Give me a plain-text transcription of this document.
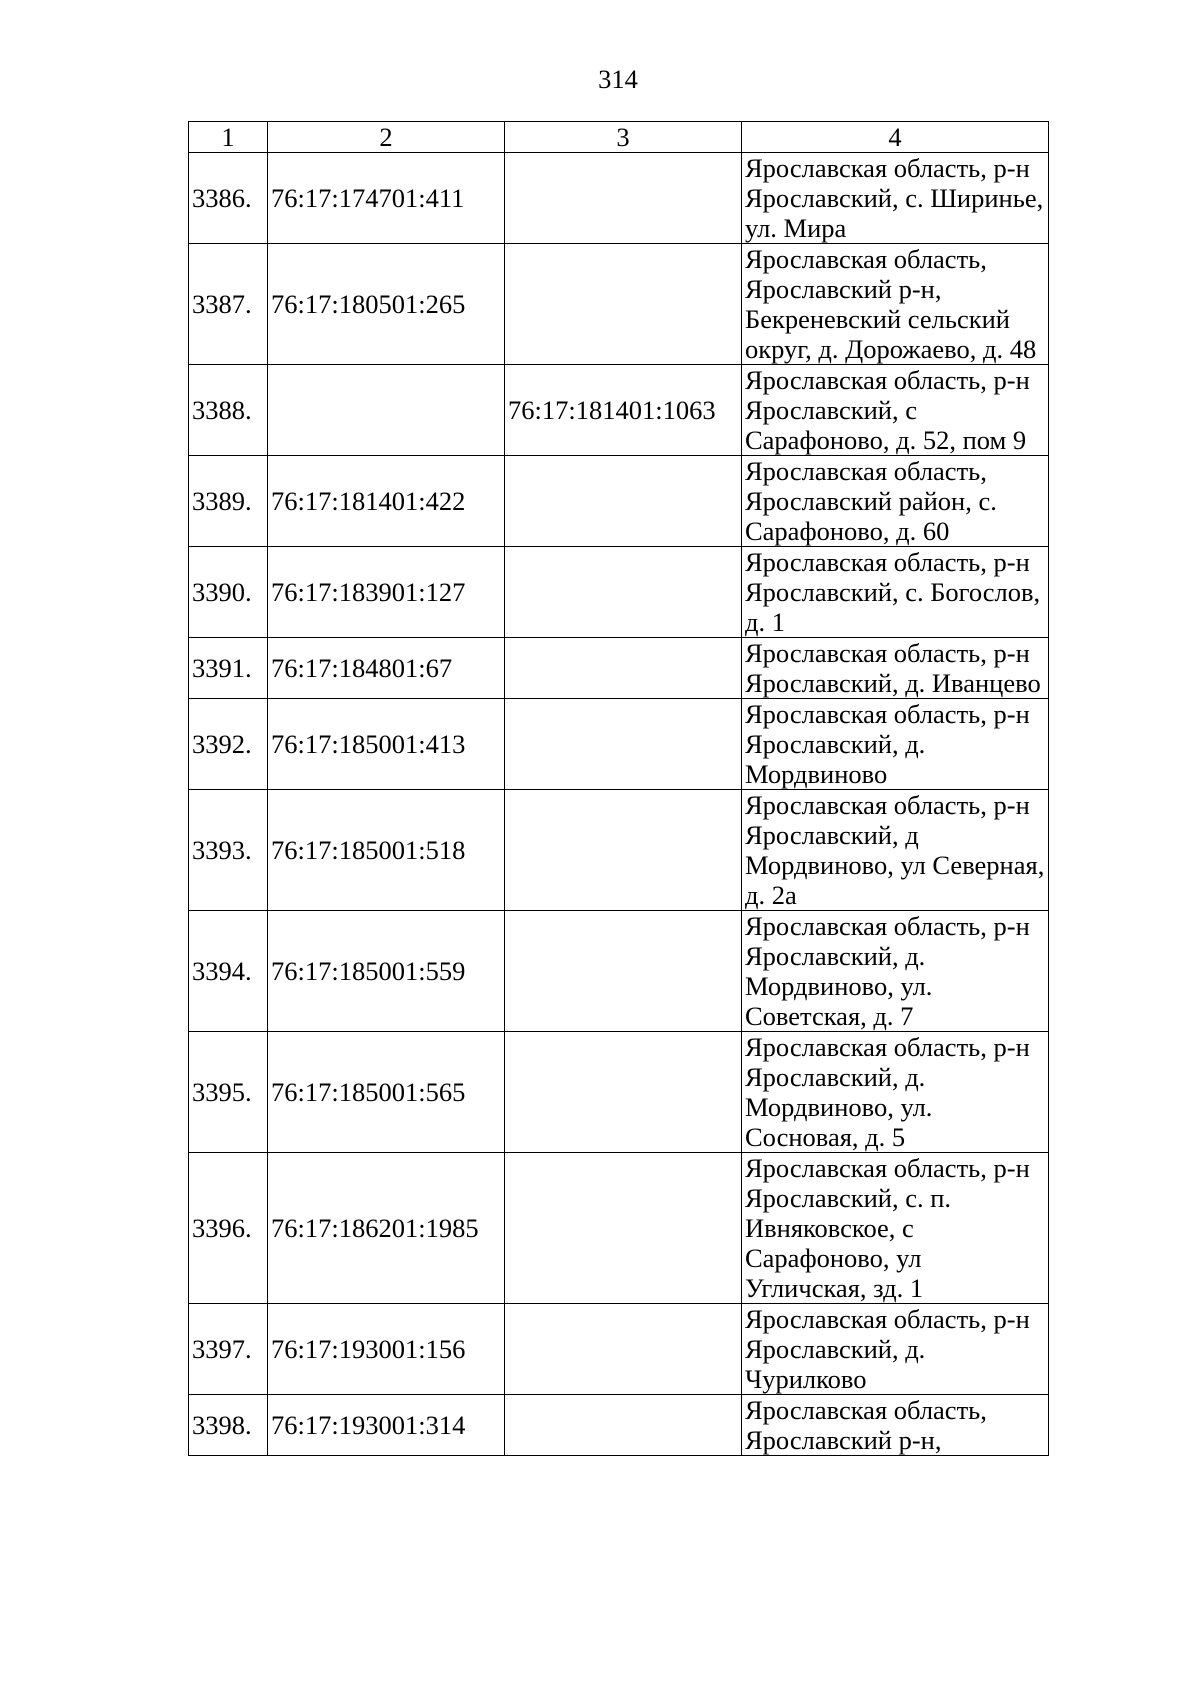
314
1	2	3	4
3386.	76:17:174701:411		Ярославская область, р-н
Ярославский, с. Ширинье,
ул. Мира
3387.	76:17:180501:265		Ярославская область,
Ярославский р-н,
Бекреневский сельский
округ, д. Дорожаево, д. 48
3388.		76:17:181401:1063	Ярославская область, р-н
Ярославский, с
Сарафоново, д. 52, пом 9
3389.	76:17:181401:422		Ярославская область,
Ярославский район, с.
Сарафоново, д. 60
3390.	76:17:183901:127		Ярославская область, р-н
Ярославский, с. Богослов,
д. 1
3391.	76:17:184801:67		Ярославская область, р-н
Ярославский, д. Иванцево
3392.	76:17:185001:413		Ярославская область, р-н
Ярославский, д.
Мордвиново
3393.	76:17:185001:518		Ярославская область, р-н
Ярославский, д
Мордвиново, ул Северная,
д. 2а
3394.	76:17:185001:559		Ярославская область, р-н
Ярославский, д.
Мордвиново, ул.
Советская, д. 7
3395.	76:17:185001:565		Ярославская область, р-н
Ярославский, д.
Мордвиново, ул.
Сосновая, д. 5
3396.	76:17:186201:1985		Ярославская область, р-н
Ярославский, с. п.
Ивняковское, с
Сарафоново, ул
Угличская, зд. 1
3397.	76:17:193001:156		Ярославская область, р-н
Ярославский, д.
Чурилково
3398.	76:17:193001:314		Ярославская область,
Ярославский р-н,
